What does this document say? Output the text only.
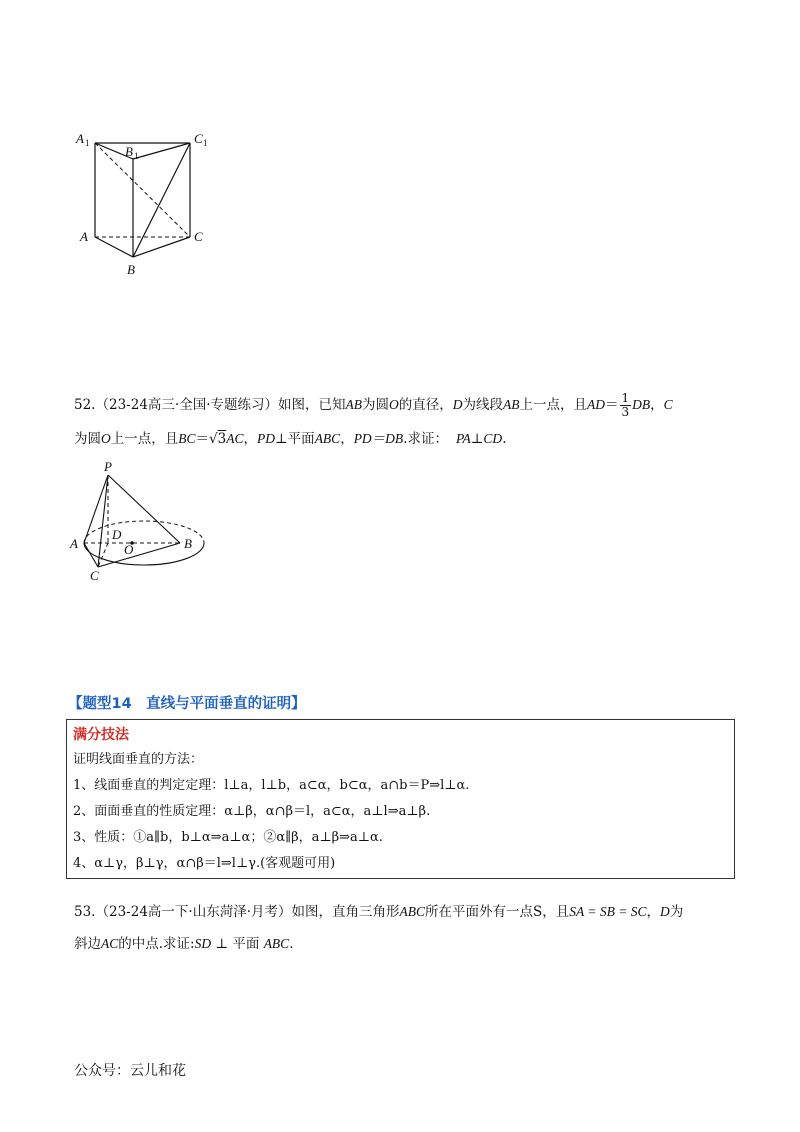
A 1
B 1
C 1
A	C
B
52.（23-24高三·全国·专题练习）如图，已知AB为圆O的直径，D为线段AB上一点，且$AD= \frac{1}{3}$ DB，C
为圆O上一点，且BC＝√3AC，PD⊥平面ABC，PD＝DB.求证： PA⊥CD.
P
A	B
C
D
O
【题型14　直线与平面垂直的证明】
满分技法
证明线面垂直的方法：
1、线面垂直的判定定理：l⊥a，l⊥b，a⊂α，b⊂α，a∩b＝P⇒l⊥α.
2、面面垂直的性质定理：α⊥β，α∩β＝l，a⊂α，a⊥l⇒a⊥β.
3、性质：①a∥b，b⊥α⇒a⊥α；②α∥β，a⊥β⇒a⊥α.
4、α⊥γ，β⊥γ，α∩β＝l⇒l⊥γ.(客观题可用)
53.（23-24高一下·山东菏泽·月考）如图，直角三角形ABC所在平面外有一点S，且SA = SB = SC，D为
斜边AC的中点.求证:SD ⊥ 平面 ABC.
公众号：云儿和花
